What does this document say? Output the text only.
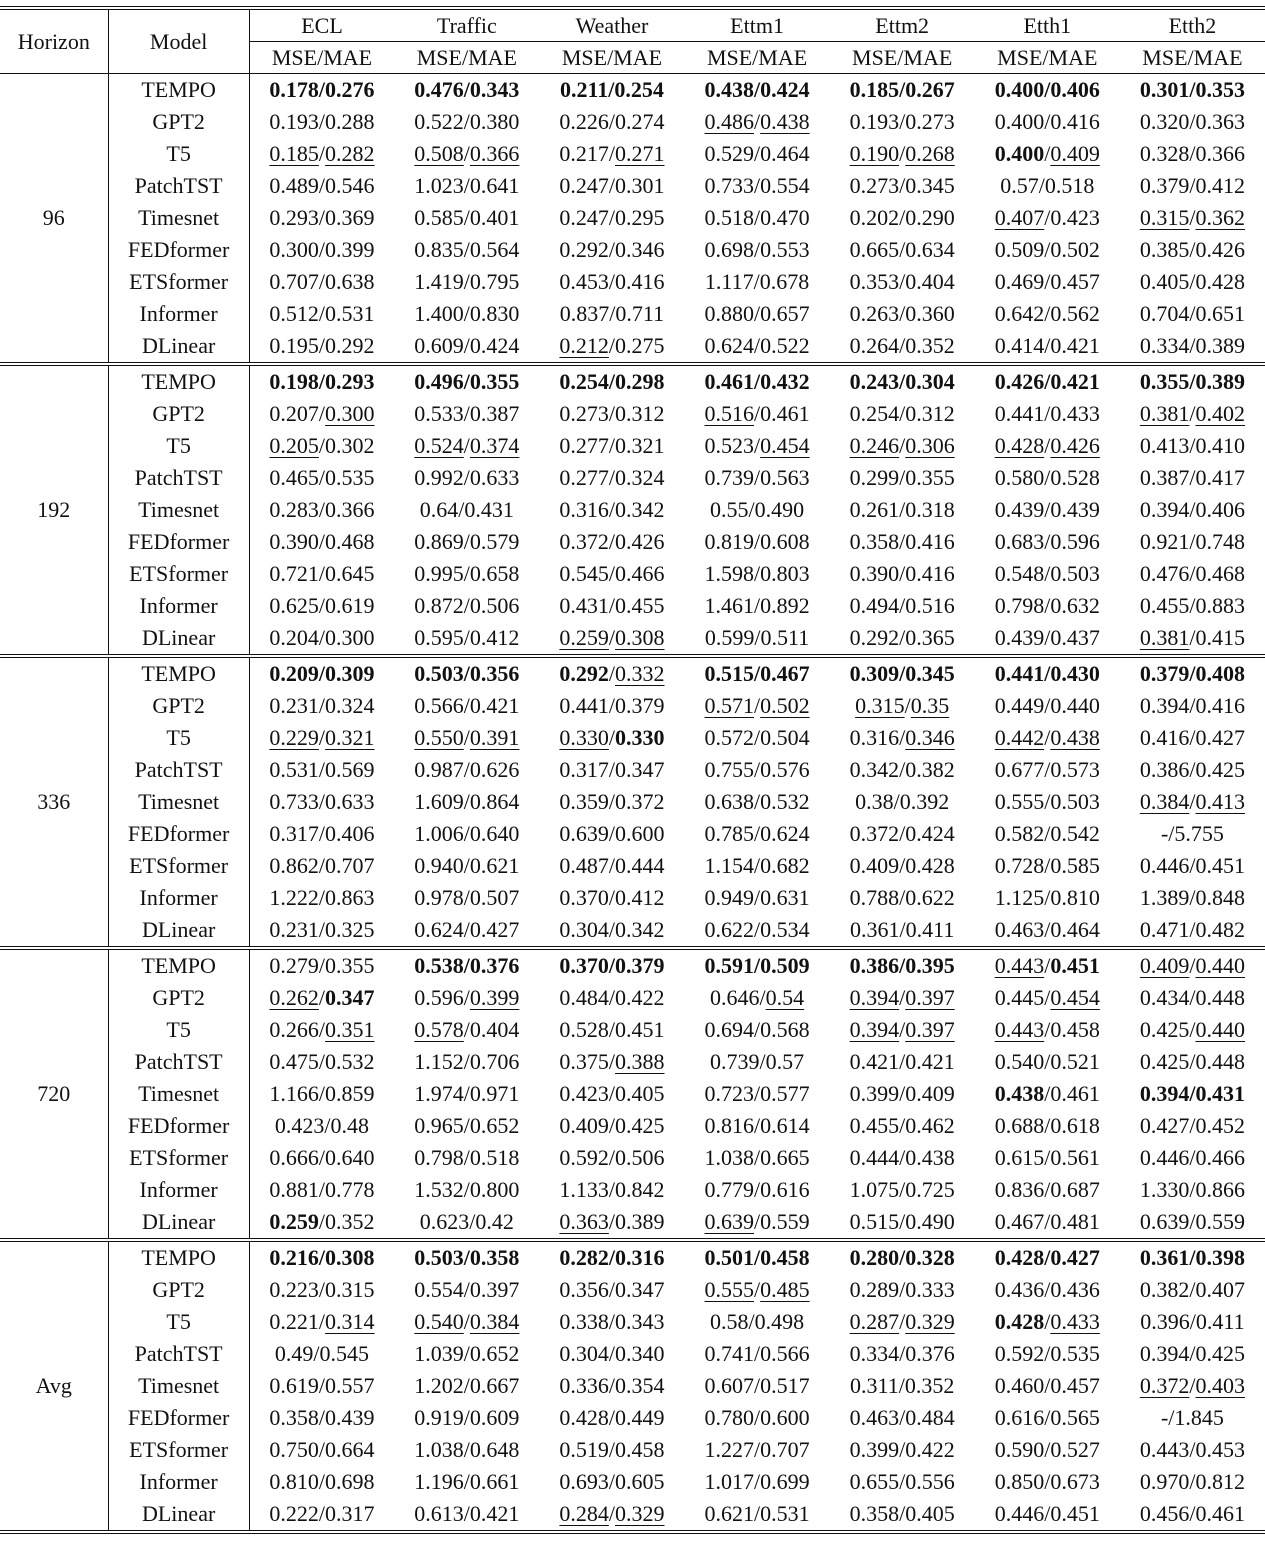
Horizon	Model	ECL	Traffic	Weather	Ettm1	Ettm2	Etth1	Etth2
		MSE/MAE	MSE/MAE	MSE/MAE	MSE/MAE	MSE/MAE	MSE/MAE	MSE/MAE
96	TEMPO	0.178/0.276	0.476/0.343	0.211/0.254	0.438/0.424	0.185/0.267	0.400/0.406	0.301/0.353
	GPT2	0.193/0.288	0.522/0.380	0.226/0.274	0.486/0.438	0.193/0.273	0.400/0.416	0.320/0.363
	T5	0.185/0.282	0.508/0.366	0.217/0.271	0.529/0.464	0.190/0.268	0.400/0.409	0.328/0.366
	PatchTST	0.489/0.546	1.023/0.641	0.247/0.301	0.733/0.554	0.273/0.345	0.57/0.518	0.379/0.412
	Timesnet	0.293/0.369	0.585/0.401	0.247/0.295	0.518/0.470	0.202/0.290	0.407/0.423	0.315/0.362
	FEDformer	0.300/0.399	0.835/0.564	0.292/0.346	0.698/0.553	0.665/0.634	0.509/0.502	0.385/0.426
	ETSformer	0.707/0.638	1.419/0.795	0.453/0.416	1.117/0.678	0.353/0.404	0.469/0.457	0.405/0.428
	Informer	0.512/0.531	1.400/0.830	0.837/0.711	0.880/0.657	0.263/0.360	0.642/0.562	0.704/0.651
	DLinear	0.195/0.292	0.609/0.424	0.212/0.275	0.624/0.522	0.264/0.352	0.414/0.421	0.334/0.389
192	TEMPO	0.198/0.293	0.496/0.355	0.254/0.298	0.461/0.432	0.243/0.304	0.426/0.421	0.355/0.389
	GPT2	0.207/0.300	0.533/0.387	0.273/0.312	0.516/0.461	0.254/0.312	0.441/0.433	0.381/0.402
	T5	0.205/0.302	0.524/0.374	0.277/0.321	0.523/0.454	0.246/0.306	0.428/0.426	0.413/0.410
	PatchTST	0.465/0.535	0.992/0.633	0.277/0.324	0.739/0.563	0.299/0.355	0.580/0.528	0.387/0.417
	Timesnet	0.283/0.366	0.64/0.431	0.316/0.342	0.55/0.490	0.261/0.318	0.439/0.439	0.394/0.406
	FEDformer	0.390/0.468	0.869/0.579	0.372/0.426	0.819/0.608	0.358/0.416	0.683/0.596	0.921/0.748
	ETSformer	0.721/0.645	0.995/0.658	0.545/0.466	1.598/0.803	0.390/0.416	0.548/0.503	0.476/0.468
	Informer	0.625/0.619	0.872/0.506	0.431/0.455	1.461/0.892	0.494/0.516	0.798/0.632	0.455/0.883
	DLinear	0.204/0.300	0.595/0.412	0.259/0.308	0.599/0.511	0.292/0.365	0.439/0.437	0.381/0.415
336	TEMPO	0.209/0.309	0.503/0.356	0.292/0.332	0.515/0.467	0.309/0.345	0.441/0.430	0.379/0.408
	GPT2	0.231/0.324	0.566/0.421	0.441/0.379	0.571/0.502	0.315/0.35	0.449/0.440	0.394/0.416
	T5	0.229/0.321	0.550/0.391	0.330/0.330	0.572/0.504	0.316/0.346	0.442/0.438	0.416/0.427
	PatchTST	0.531/0.569	0.987/0.626	0.317/0.347	0.755/0.576	0.342/0.382	0.677/0.573	0.386/0.425
	Timesnet	0.733/0.633	1.609/0.864	0.359/0.372	0.638/0.532	0.38/0.392	0.555/0.503	0.384/0.413
	FEDformer	0.317/0.406	1.006/0.640	0.639/0.600	0.785/0.624	0.372/0.424	0.582/0.542	-/5.755
	ETSformer	0.862/0.707	0.940/0.621	0.487/0.444	1.154/0.682	0.409/0.428	0.728/0.585	0.446/0.451
	Informer	1.222/0.863	0.978/0.507	0.370/0.412	0.949/0.631	0.788/0.622	1.125/0.810	1.389/0.848
	DLinear	0.231/0.325	0.624/0.427	0.304/0.342	0.622/0.534	0.361/0.411	0.463/0.464	0.471/0.482
720	TEMPO	0.279/0.355	0.538/0.376	0.370/0.379	0.591/0.509	0.386/0.395	0.443/0.451	0.409/0.440
	GPT2	0.262/0.347	0.596/0.399	0.484/0.422	0.646/0.54	0.394/0.397	0.445/0.454	0.434/0.448
	T5	0.266/0.351	0.578/0.404	0.528/0.451	0.694/0.568	0.394/0.397	0.443/0.458	0.425/0.440
	PatchTST	0.475/0.532	1.152/0.706	0.375/0.388	0.739/0.57	0.421/0.421	0.540/0.521	0.425/0.448
	Timesnet	1.166/0.859	1.974/0.971	0.423/0.405	0.723/0.577	0.399/0.409	0.438/0.461	0.394/0.431
	FEDformer	0.423/0.48	0.965/0.652	0.409/0.425	0.816/0.614	0.455/0.462	0.688/0.618	0.427/0.452
	ETSformer	0.666/0.640	0.798/0.518	0.592/0.506	1.038/0.665	0.444/0.438	0.615/0.561	0.446/0.466
	Informer	0.881/0.778	1.532/0.800	1.133/0.842	0.779/0.616	1.075/0.725	0.836/0.687	1.330/0.866
	DLinear	0.259/0.352	0.623/0.42	0.363/0.389	0.639/0.559	0.515/0.490	0.467/0.481	0.639/0.559
Avg	TEMPO	0.216/0.308	0.503/0.358	0.282/0.316	0.501/0.458	0.280/0.328	0.428/0.427	0.361/0.398
	GPT2	0.223/0.315	0.554/0.397	0.356/0.347	0.555/0.485	0.289/0.333	0.436/0.436	0.382/0.407
	T5	0.221/0.314	0.540/0.384	0.338/0.343	0.58/0.498	0.287/0.329	0.428/0.433	0.396/0.411
	PatchTST	0.49/0.545	1.039/0.652	0.304/0.340	0.741/0.566	0.334/0.376	0.592/0.535	0.394/0.425
	Timesnet	0.619/0.557	1.202/0.667	0.336/0.354	0.607/0.517	0.311/0.352	0.460/0.457	0.372/0.403
	FEDformer	0.358/0.439	0.919/0.609	0.428/0.449	0.780/0.600	0.463/0.484	0.616/0.565	-/1.845
	ETSformer	0.750/0.664	1.038/0.648	0.519/0.458	1.227/0.707	0.399/0.422	0.590/0.527	0.443/0.453
	Informer	0.810/0.698	1.196/0.661	0.693/0.605	1.017/0.699	0.655/0.556	0.850/0.673	0.970/0.812
	DLinear	0.222/0.317	0.613/0.421	0.284/0.329	0.621/0.531	0.358/0.405	0.446/0.451	0.456/0.461
